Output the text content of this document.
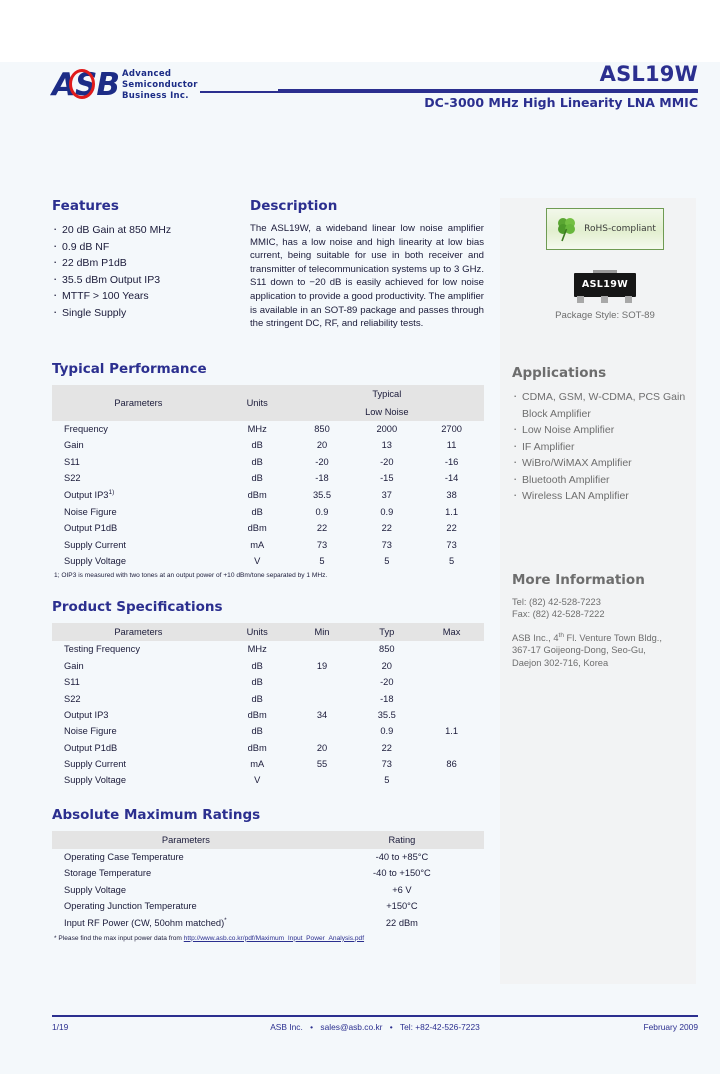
ASB Advanced
Semiconductor
Business Inc.
ASL19W
DC-3000 MHz High Linearity LNA MMIC
Features
· 20 dB Gain at 850 MHz
· 0.9 dB NF
· 22 dBm P1dB
· 35.5 dBm Output IP3
· MTTF > 100 Years
· Single Supply
Description

The ASL19W, a wideband linear low noise amplifier MMIC, has a low noise and high linearity at low bias current, being suitable for use in both receiver and transmitter of telecommunication systems up to 3 GHz. S11 down to −20 dB is easily achieved for low noise application to provide a good productivity. The amplifier is available in an SOT-89 package and passes through the stringent DC, RF, and reliability tests.

Typical Performance
Parameters	Units	Typical		
		Low Noise		
Frequency	MHz	850	2000	2700
Gain	dB	20	13	11
S11	dB	-20	-20	-16
S22	dB	-18	-15	-14
Output IP3$^{1)}$	dBm	35.5	37	38
Noise Figure	dB	0.9	0.9	1.1
Output P1dB	dBm	22	22	22
Supply Current	mA	73	73	73
Supply Voltage	V	5	5	5
1; OIP3 is measured with two tones at an output power of +10 dBm/tone separated by 1 MHz.
Product Specifications
Parameters	Units	Min	Typ	Max
Testing Frequency	MHz		850	
Gain	dB	19	20	
S11	dB		-20	
S22	dB		-18	
Output IP3	dBm	34	35.5	
Noise Figure	dB		0.9	1.1
Output P1dB	dBm	20	22	
Supply Current	mA	55	73	86
Supply Voltage	V		5	
Absolute Maximum Ratings
Parameters	Rating
Operating Case Temperature	-40 to +85°C
Storage Temperature	-40 to +150°C
Supply Voltage	+6 V
Operating Junction Temperature	+150°C
Input RF Power (CW, 50ohm matched)*	22 dBm
* Please find the max input power data from http://www.asb.co.kr/pdf/Maximum_Input_Power_Analysis.pdf
RoHS-compliant
ASL19W
Package Style: SOT-89
Applications
· CDMA, GSM, W-CDMA, PCS Gain Block Amplifier
· Low Noise Amplifier
· IF Amplifier
· WiBro/WiMAX Amplifier
· Bluetooth Amplifier
· Wireless LAN Amplifier
More Information
Tel: (82) 42-528-7223
Fax: (82) 42-528-7222
ASB Inc., 4th Fl. Venture Town Bldg.,
367-17 Goijeong-Dong, Seo-Gu,
Daejon 302-716, Korea
1/19	ASB Inc. • sales@asb.co.kr • Tel: +82-42-526-7223	February 2009
